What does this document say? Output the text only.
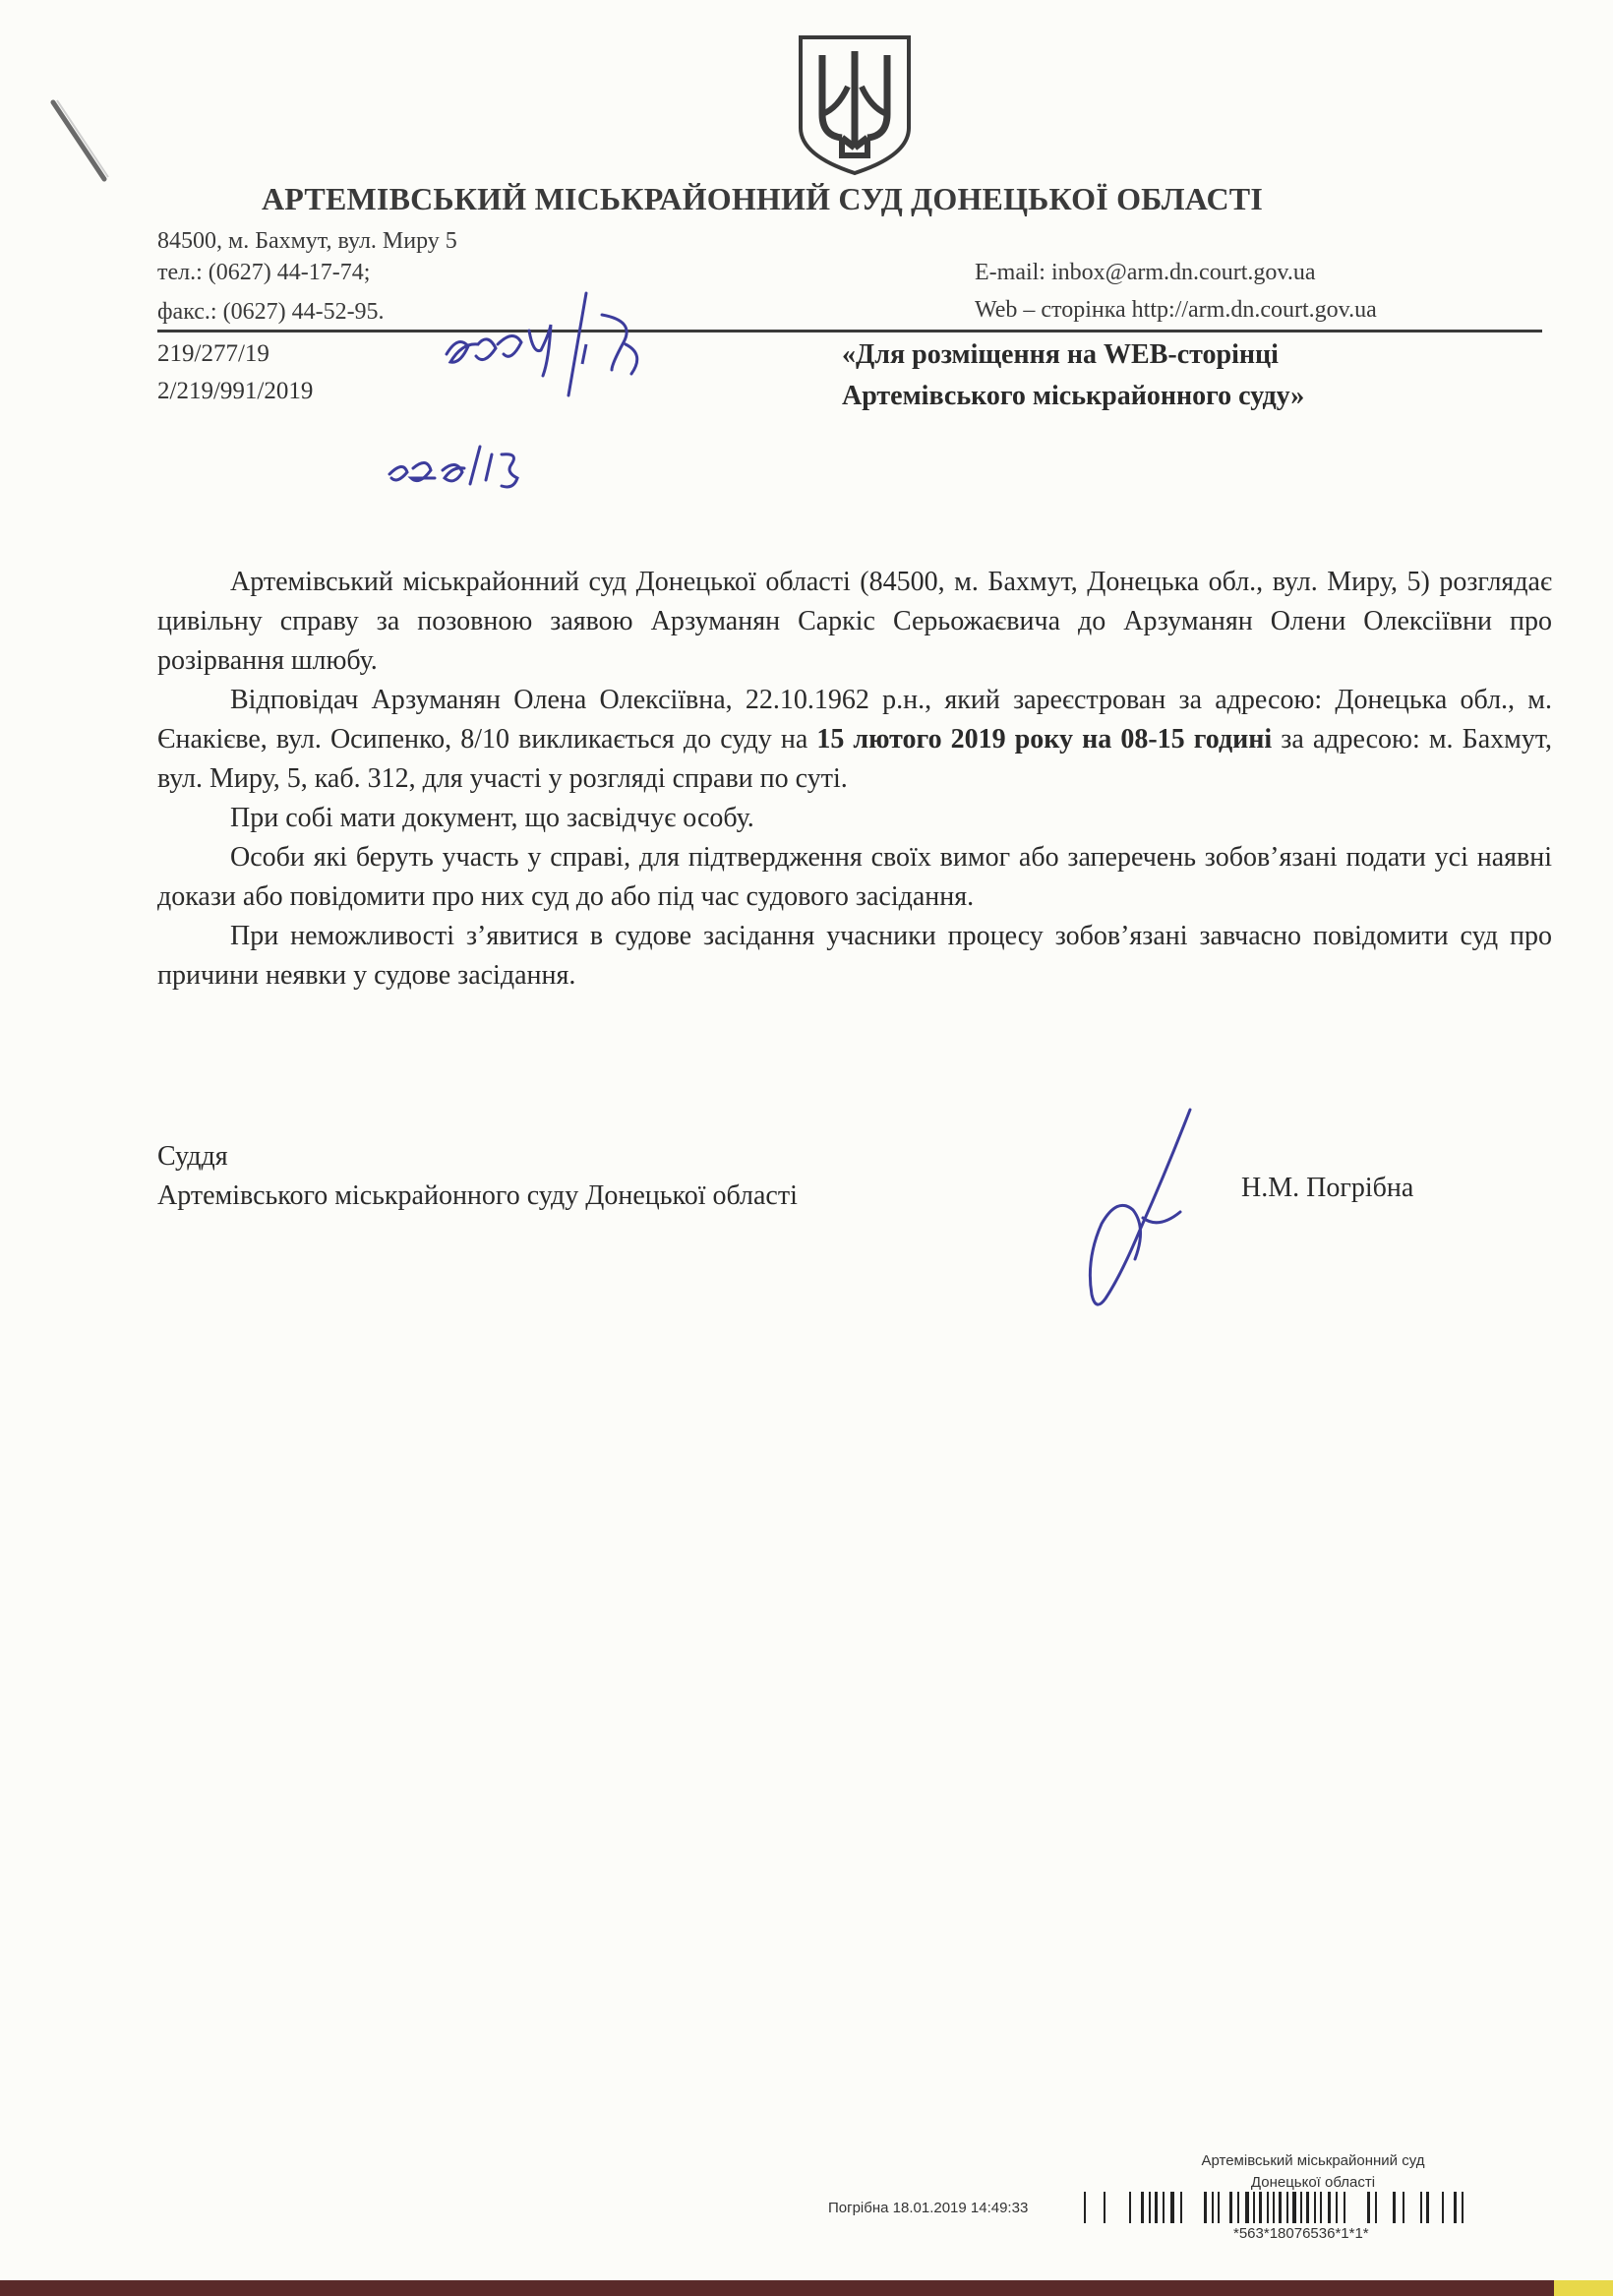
АРТЕМІВСЬКИЙ МІСЬКРАЙОННИЙ СУД ДОНЕЦЬКОЇ ОБЛАСТІ
84500, м. Бахмут, вул. Миру 5
тел.: (0627) 44-17-74;
факс.: (0627) 44-52-95.
E-mail: inbox@arm.dn.court.gov.ua
Web – сторінка http://arm.dn.court.gov.ua
219/277/19
2/219/991/2019
«Для розміщення на WEB-сторінці
Артемівського міськрайонного суду»

Артемівський міськрайонний суд Донецької області (84500, м. Бахмут, Донецька обл., вул. Миру, 5) розглядає цивільну справу за позовною заявою Арзуманян Саркіс Серьожаєвича до Арзуманян Олени Олексіївни про розірвання шлюбу.

Відповідач Арзуманян Олена Олексіївна, 22.10.1962 р.н., який зареєстрован за адресою: Донецька обл., м. Єнакієве, вул. Осипенко, 8/10 викликається до суду на 15 лютого 2019 року на 08-15 годині за адресою: м. Бахмут, вул. Миру, 5, каб. 312, для участі у розгляді справи по суті.

При собі мати документ, що засвідчує особу.

Особи які беруть участь у справі, для підтвердження своїх вимог або заперечень зобов’язані подати усі наявні докази або повідомити про них суд до або під час судового засідання.

При неможливості з’явитися в судове засідання учасники процесу зобов’язані завчасно повідомити суд про причини неявки у судове засідання.

Суддя
Артемівського міськрайонного суду Донецької області	Н.М. Погрібна
Артемівський міськрайонний суд
Донецької області
Погрібна 18.01.2019 14:49:33
*563*18076536*1*1*
